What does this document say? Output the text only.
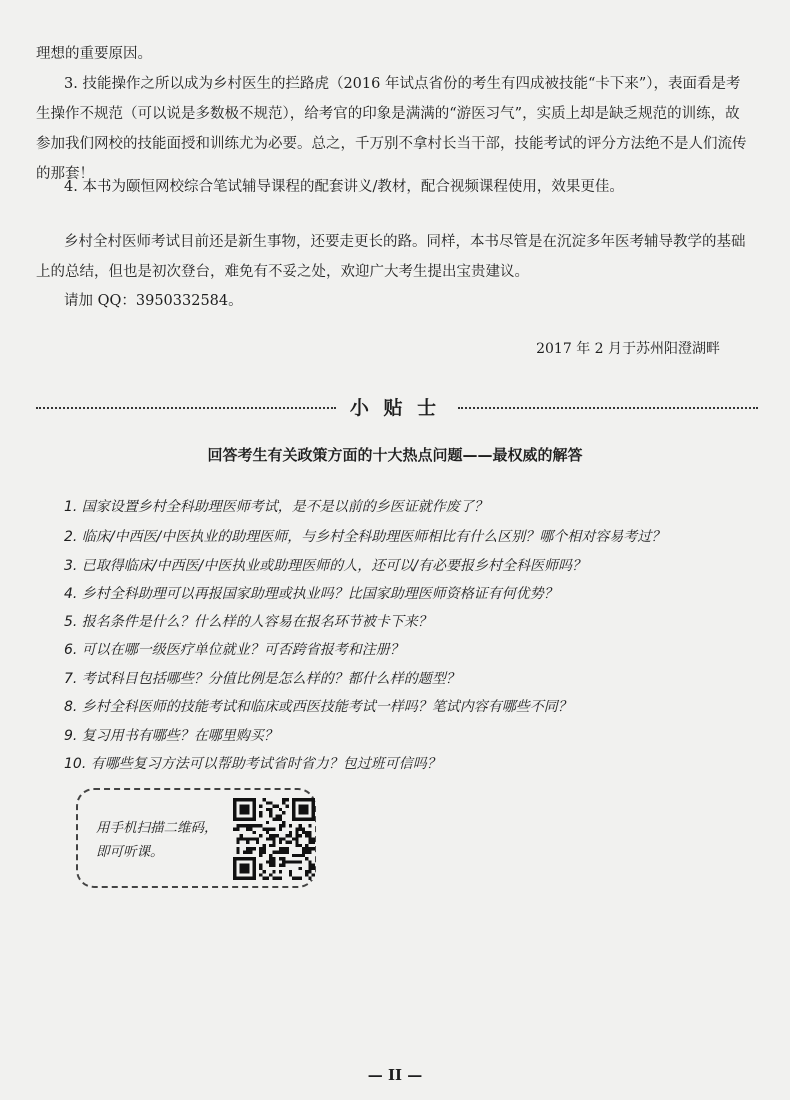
理想的重要原因。
3. 技能操作之所以成为乡村医生的拦路虎（2016 年试点省份的考生有四成被技能“卡下来”），表面看是考
生操作不规范（可以说是多数极不规范），给考官的印象是满满的“游医习气”，实质上却是缺乏规范的训练，故
参加我们网校的技能面授和训练尤为必要。总之，千万别不拿村长当干部，技能考试的评分方法绝不是人们流传
的那套！
4. 本书为颐恒网校综合笔试辅导课程的配套讲义/教材，配合视频课程使用，效果更佳。
乡村全村医师考试目前还是新生事物，还要走更长的路。同样，本书尽管是在沉淀多年医考辅导教学的基础
上的总结，但也是初次登台，难免有不妥之处，欢迎广大考生提出宝贵建议。
请加 QQ：3950332584。
2017 年 2 月于苏州阳澄湖畔
小 贴 士
回答考生有关政策方面的十大热点问题——最权威的解答
1. 国家设置乡村全科助理医师考试，是不是以前的乡医证就作废了？
2. 临床/中西医/中医执业的助理医师，与乡村全科助理医师相比有什么区别？哪个相对容易考过？
3. 已取得临床/中西医/中医执业或助理医师的人，还可以/有必要报乡村全科医师吗？
4. 乡村全科助理可以再报国家助理或执业吗？比国家助理医师资格证有何优势？
5. 报名条件是什么？什么样的人容易在报名环节被卡下来？
6. 可以在哪一级医疗单位就业？可否跨省报考和注册？
7. 考试科目包括哪些？分值比例是怎么样的？都什么样的题型？
8. 乡村全科医师的技能考试和临床或西医技能考试一样吗？笔试内容有哪些不同？
9. 复习用书有哪些？在哪里购买？
10. 有哪些复习方法可以帮助考试省时省力？包过班可信吗？
用手机扫描二维码，
即可听课。
— II —
